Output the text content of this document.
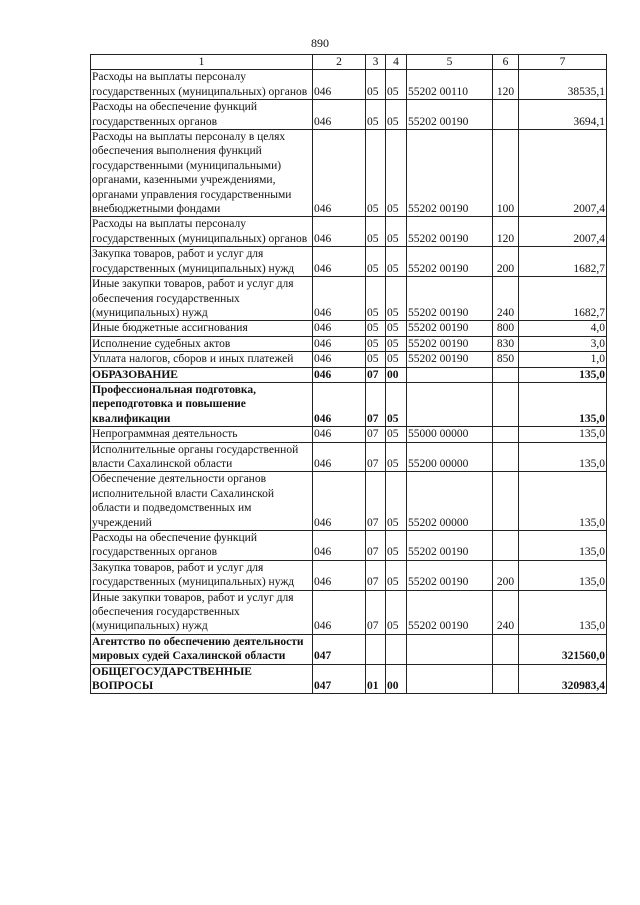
890
1	2	3	4	5	6	7
Расходы на выплаты персоналу государственных (муниципальных) органов	046	05	05	55202 00110	120	38535,1
Расходы на обеспечение функций государственных органов	046	05	05	55202 00190		3694,1
Расходы на выплаты персоналу в целях обеспечения выполнения функций государственными (муниципальными) органами, казенными учреждениями, органами управления государственными внебюджетными фондами	046	05	05	55202 00190	100	2007,4
Расходы на выплаты персоналу государственных (муниципальных) органов	046	05	05	55202 00190	120	2007,4
Закупка товаров, работ и услуг для государственных (муниципальных) нужд	046	05	05	55202 00190	200	1682,7
Иные закупки товаров, работ и услуг для обеспечения государственных (муниципальных) нужд	046	05	05	55202 00190	240	1682,7
Иные бюджетные ассигнования	046	05	05	55202 00190	800	4,0
Исполнение судебных актов	046	05	05	55202 00190	830	3,0
Уплата налогов, сборов и иных платежей	046	05	05	55202 00190	850	1,0
ОБРАЗОВАНИЕ	046	07	00			135,0
Профессиональная подготовка, переподготовка и повышение квалификации	046	07	05			135,0
Непрограммная деятельность	046	07	05	55000 00000		135,0
Исполнительные органы государственной власти Сахалинской области	046	07	05	55200 00000		135,0
Обеспечение деятельности органов исполнительной власти Сахалинской области и подведомственных им учреждений	046	07	05	55202 00000		135,0
Расходы на обеспечение функций государственных органов	046	07	05	55202 00190		135,0
Закупка товаров, работ и услуг для государственных (муниципальных) нужд	046	07	05	55202 00190	200	135,0
Иные закупки товаров, работ и услуг для обеспечения государственных (муниципальных) нужд	046	07	05	55202 00190	240	135,0
Агентство по обеспечению деятельности мировых судей Сахалинской области	047					321560,0
ОБЩЕГОСУДАРСТВЕННЫЕ ВОПРОСЫ	047	01	00			320983,4
